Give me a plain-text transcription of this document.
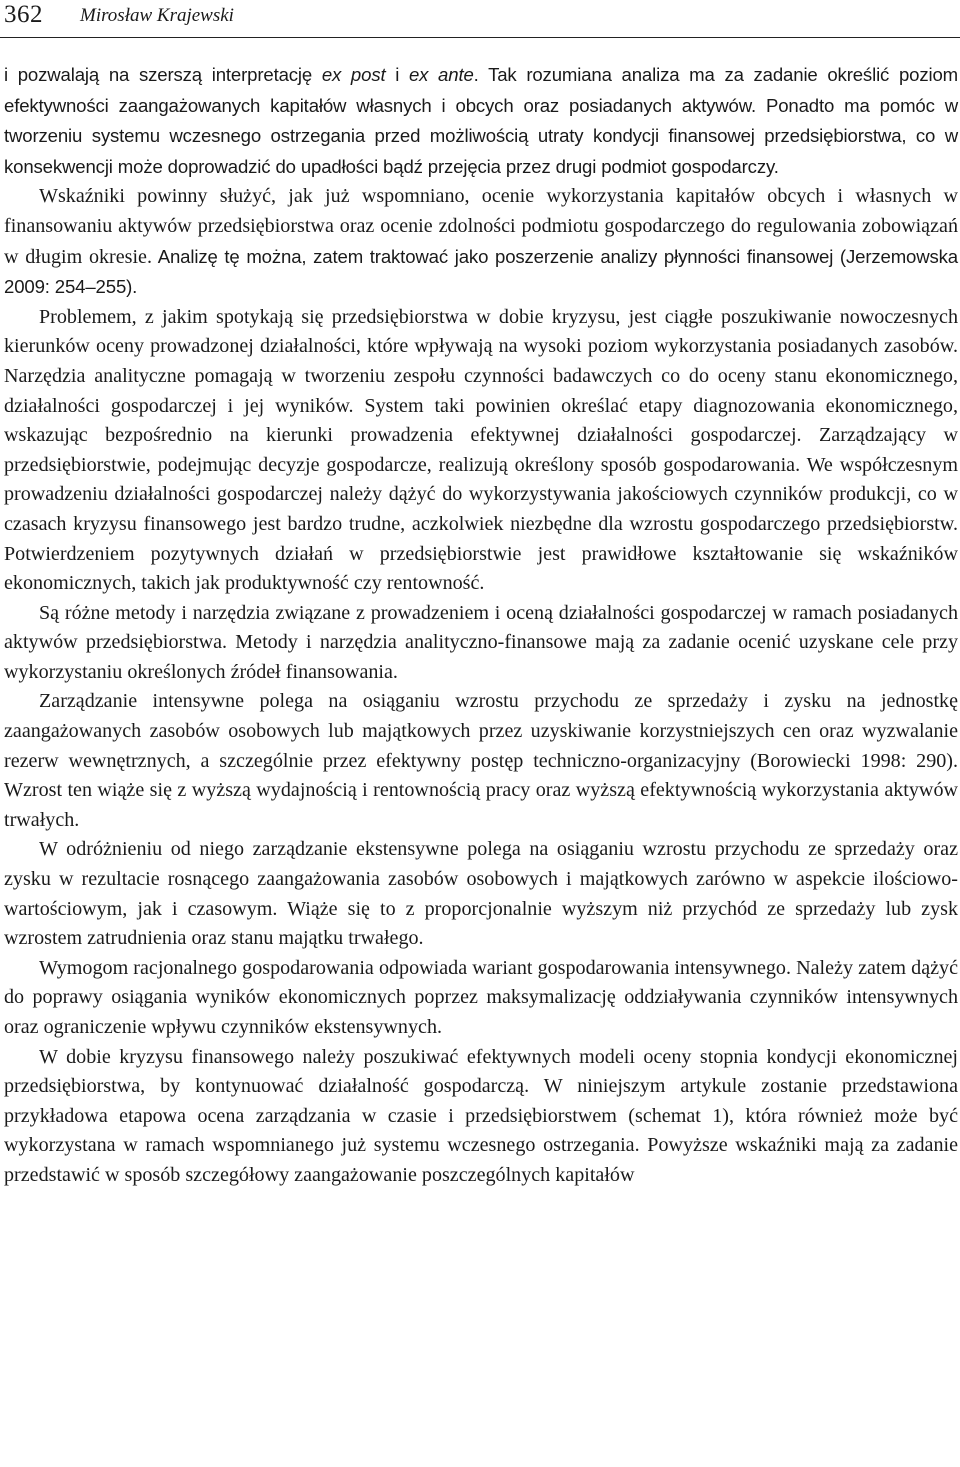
362 Mirosław Krajewski

i pozwalają na szerszą interpretację ex post i ex ante. Tak rozumiana analiza ma za zadanie określić poziom efektywności zaangażowanych kapitałów własnych i obcych oraz posiadanych aktywów. Ponadto ma pomóc w tworzeniu systemu wczesnego ostrzegania przed możliwością utraty kondycji finansowej przedsiębiorstwa, co w konsekwencji może doprowadzić do upadłości bądź przejęcia przez drugi podmiot gospodarczy.

Wskaźniki powinny służyć, jak już wspomniano, ocenie wykorzystania kapitałów obcych i własnych w finansowaniu aktywów przedsiębiorstwa oraz ocenie zdolności podmiotu gospodarczego do regulowania zobowiązań w długim okresie. Analizę tę można, zatem traktować jako poszerzenie analizy płynności finansowej (Jerzemowska 2009: 254–255).

Problemem, z jakim spotykają się przedsiębiorstwa w dobie kryzysu, jest ciągłe poszukiwanie nowoczesnych kierunków oceny prowadzonej działalności, które wpływają na wysoki poziom wykorzystania posiadanych zasobów. Narzędzia analityczne pomagają w tworzeniu zespołu czynności badawczych co do oceny stanu ekonomicznego, działalności gospodarczej i jej wyników. System taki powinien określać etapy diagnozowania ekonomicznego, wskazując bezpośrednio na kierunki prowadzenia efektywnej działalności gospodarczej. Zarządzający w przedsiębiorstwie, podejmując decyzje gospodarcze, realizują określony sposób gospodarowania. We współczesnym prowadzeniu działalności gospodarczej należy dążyć do wykorzystywania jakościowych czynników produkcji, co w czasach kryzysu finansowego jest bardzo trudne, aczkolwiek niezbędne dla wzrostu gospodarczego przedsiębiorstw. Potwierdzeniem pozytywnych działań w przedsiębiorstwie jest prawidłowe kształtowanie się wskaźników ekonomicznych, takich jak produktywność czy rentowność.

Są różne metody i narzędzia związane z prowadzeniem i oceną działalności gospodarczej w ramach posiadanych aktywów przedsiębiorstwa. Metody i narzędzia analityczno-finansowe mają za zadanie ocenić uzyskane cele przy wykorzystaniu określonych źródeł finansowania.

Zarządzanie intensywne polega na osiąganiu wzrostu przychodu ze sprzedaży i zysku na jednostkę zaangażowanych zasobów osobowych lub majątkowych przez uzyskiwanie korzystniejszych cen oraz wyzwalanie rezerw wewnętrznych, a szczególnie przez efektywny postęp techniczno-organizacyjny (Borowiecki 1998: 290). Wzrost ten wiąże się z wyższą wydajnością i rentownością pracy oraz wyższą efektywnością wykorzystania aktywów trwałych.

W odróżnieniu od niego zarządzanie ekstensywne polega na osiąganiu wzrostu przychodu ze sprzedaży oraz zysku w rezultacie rosnącego zaangażowania zasobów osobowych i majątkowych zarówno w aspekcie ilościowo-wartościowym, jak i czasowym. Wiąże się to z proporcjonalnie wyższym niż przychód ze sprzedaży lub zysk wzrostem zatrudnienia oraz stanu majątku trwałego.

Wymogom racjonalnego gospodarowania odpowiada wariant gospodarowania intensywnego. Należy zatem dążyć do poprawy osiągania wyników ekonomicznych poprzez maksymalizację oddziaływania czynników intensywnych oraz ograniczenie wpływu czynników ekstensywnych.

W dobie kryzysu finansowego należy poszukiwać efektywnych modeli oceny stopnia kondycji ekonomicznej przedsiębiorstwa, by kontynuować działalność gospodarczą. W niniejszym artykule zostanie przedstawiona przykładowa etapowa ocena zarządzania w czasie i przedsiębiorstwem (schemat 1), która również może być wykorzystana w ramach wspomnianego już systemu wczesnego ostrzegania. Powyższe wskaźniki mają za zadanie przedstawić w sposób szczegółowy zaangażowanie poszczególnych kapitałów
